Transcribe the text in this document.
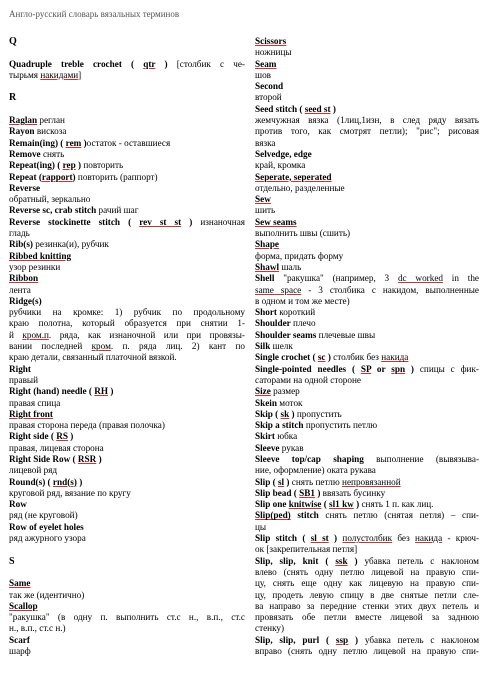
Англо-русский словарь вязальных терминов
Q
Quadruple treble crochet ( qtr ) [столбик с че-
тырьмя накидами]
R
Raglan реглан
Rayon вискоза
Remain(ing) ( rem )остаток - оставшиеся
Remove снять
Repeat(ing) ( rep ) повторить
Repeat (rapport) повторить (раппорт)
Reverse
обратный, зеркально
Reverse sc, crab stitch рачий шаг
Reverse stockinette stitch ( rev st st ) изнаночная
гладь
Rib(s) резинка(и), рубчик
Ribbed knitting
узор резинки
Ribbon
лента
Ridge(s)
рубчики на кромке: 1) рубчик по продольному
краю полотна, который образуется при снятии 1-
й кром.п. ряда, как изнаночной или при провязы-
вании последней кром. п. ряда лиц. 2) кант по
краю детали, связанный платочной вязкой.
Right
правый
Right (hand) needle ( RH )
правая спица
Right front
правая сторона переда (правая полочка)
Right side ( RS )
правая, лицевая сторона
Right Side Row ( RSR )
лицевой ряд
Round(s) ( rnd(s) )
круговой ряд, вязание по кругу
Row
ряд (не круговой)
Row of eyelet holes
ряд ажурного узора
S
Same
так же (идентично)
Scallop
"ракушка" (в одну п. выполнить ст.с н., в.п., ст.с
н., в.п., ст.с н.)
Scarf
шарф
Scissors
ножницы
Seam
шов
Second
второй
Seed stitch ( seed st )
жемчужная вязка (1лиц,1изн, в след ряду вязать
против того, как смотрят петли); "рис"; рисовая
вязка
Selvedge, edge
край, кромка
Seperate, seperated
отдельно, разделенные
Sew
шить
Sew seams
выполнить швы (сшить)
Shape
форма, придать форму
Shawl шаль
Shell "ракушка" (например, 3 dc worked in the
same space - 3 столбика с накидом, выполненные
в одном и том же месте)
Short короткий
Shoulder плечо
Shoulder seams плечевые швы
Silk шелк
Single crochet ( sc ) столбик без накида
Single-pointed needles ( SP or spn ) спицы с фик-
саторами на одной стороне
Size размер
Skein моток
Skip ( sk ) пропустить
Skip a stitch пропустить петлю
Skirt юбка
Sleeve рукав
Sleeve top/cap shaping выполнение (вывязыва-
ние, оформление) оката рукава
Slip ( sl ) снять петлю непровязанной
Slip bead ( SB1 ) ввязать бусинку
Slip one knitwise ( sl1 kw ) снять 1 п. как лиц.
Slip(ped) stitch снять петлю (снятая петля) – спи-
цы
Slip stitch ( sl st ) полустолбик без накида - крюч-
ок [закрепительная петля]
Slip, slip, knit ( ssk ) убавка петель с наклоном
влево (снять одну петлю лицевой на правую спи-
цу, снять еще одну как лицевую на правую спи-
цу, продеть левую спицу в две снятые петли сле-
ва направо за передние стенки этих двух петель и
провязать обе петли вместе лицевой за заднюю
стенку)
Slip, slip, purl ( ssp ) убавка петель с наклоном
вправо (снять одну петлю лицевой на правую спи-
